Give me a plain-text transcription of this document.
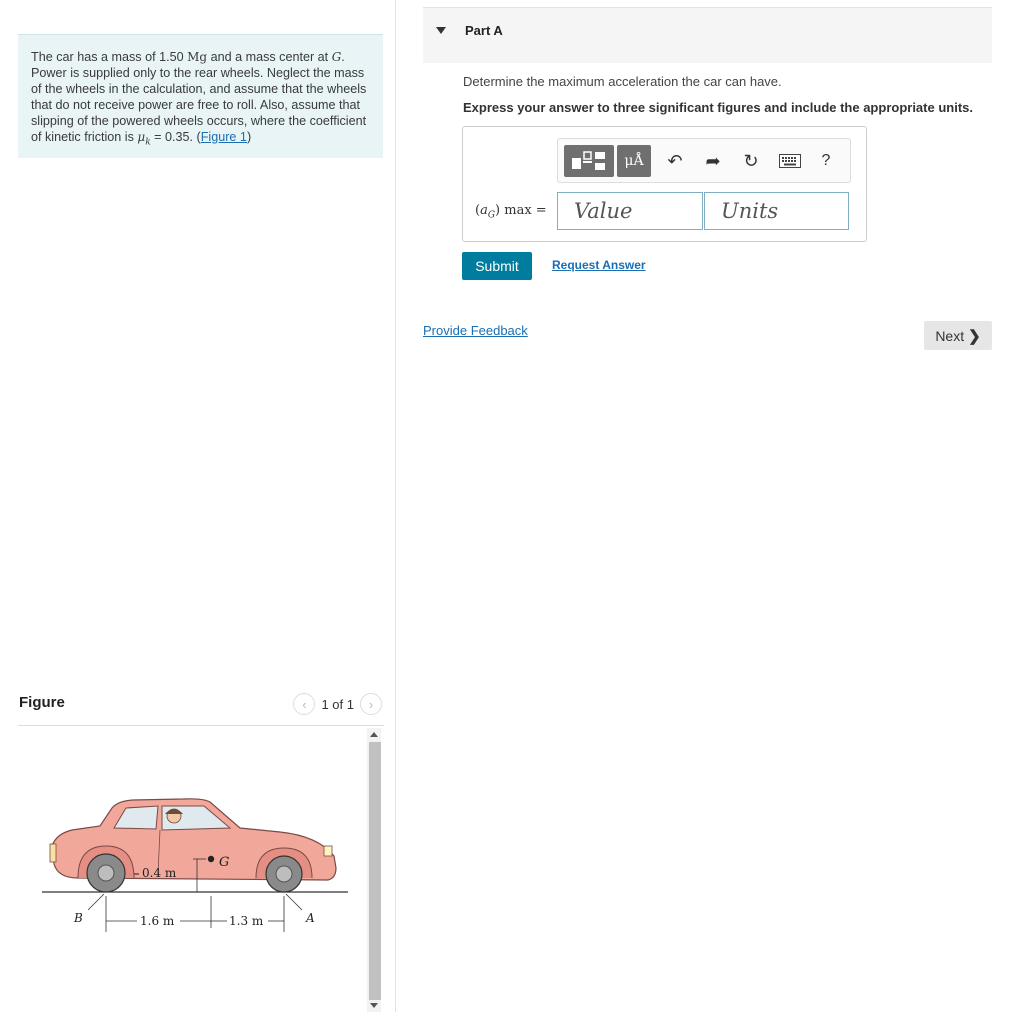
The car has a mass of 1.50 Mg and a mass center at G. Power is supplied only to the rear wheels. Neglect the mass of the wheels in the calculation, and assume that the wheels that do not receive power are free to roll. Also, assume that slipping of the powered wheels occurs, where the coefficient of kinetic friction is $\mu_k = 0.35$. (Figure 1)
Figure	‹	1 of 1	›
G
0.4 m
1.6 m	1.3 m
B	A
Part A
Determine the maximum acceleration the car can have.
Express your answer to three significant figures and include the appropriate units.
μÅ	↶	➦	↻	?
$(a_G) \max$ =
Value
Units
Submit	Request Answer
Provide Feedback	Next ❯
